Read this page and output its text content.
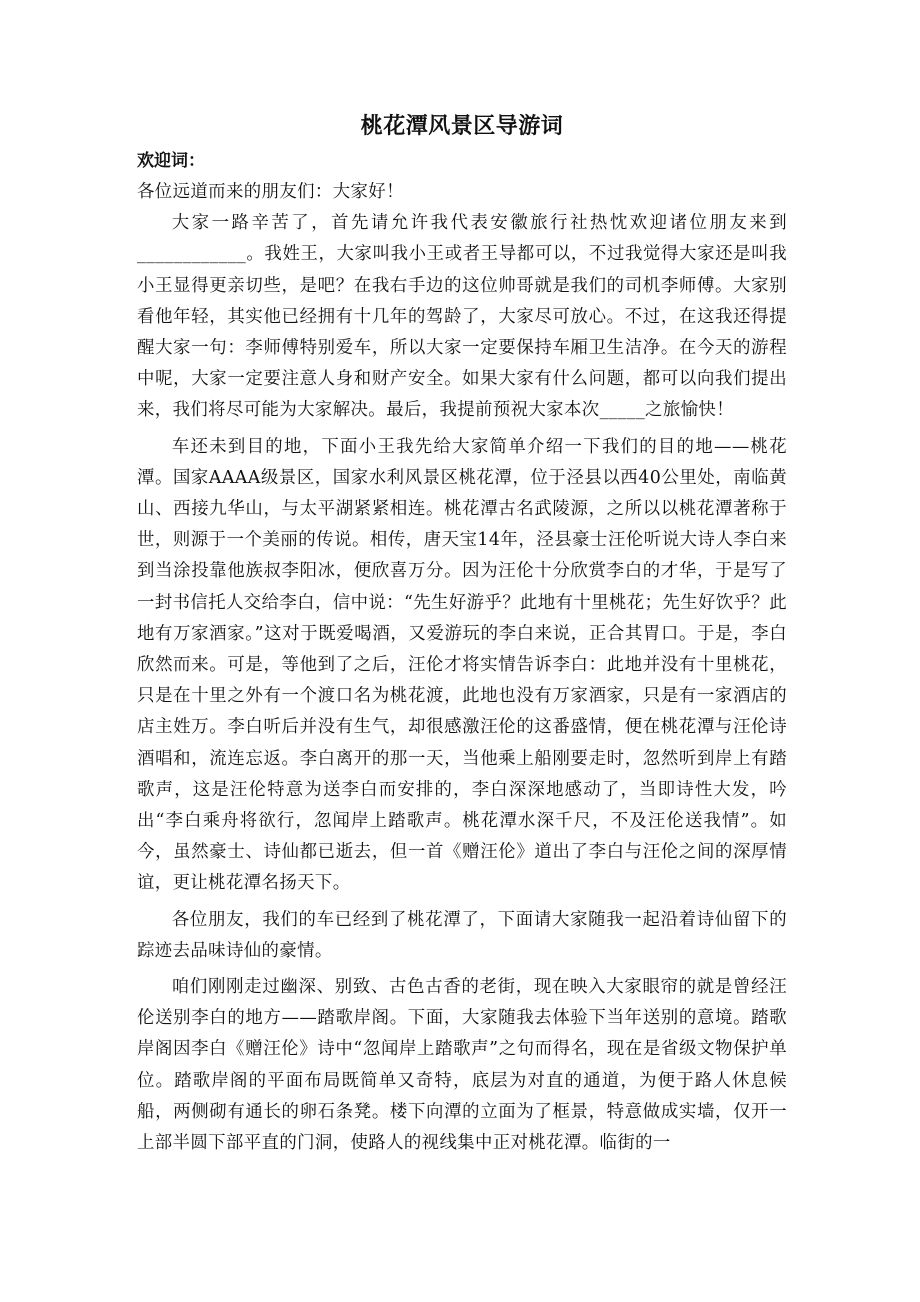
桃花潭风景区导游词
欢迎词：

各位远道而来的朋友们：大家好！

大家一路辛苦了，首先请允许我代表安徽旅行社热忱欢迎诸位朋友来到____________。我姓王，大家叫我小王或者王导都可以，不过我觉得大家还是叫我小王显得更亲切些，是吧？在我右手边的这位帅哥就是我们的司机李师傅。大家别看他年轻，其实他已经拥有十几年的驾龄了，大家尽可放心。不过，在这我还得提醒大家一句：李师傅特别爱车，所以大家一定要保持车厢卫生洁净。在今天的游程中呢，大家一定要注意人身和财产安全。如果大家有什么问题，都可以向我们提出来，我们将尽可能为大家解决。最后，我提前预祝大家本次_____之旅愉快！

车还未到目的地，下面小王我先给大家简单介绍一下我们的目的地——桃花潭。国家AAAA级景区，国家水利风景区桃花潭，位于泾县以西40公里处，南临黄山、西接九华山，与太平湖紧紧相连。桃花潭古名武陵源，之所以以桃花潭著称于世，则源于一个美丽的传说。相传，唐天宝14年，泾县豪士汪伦听说大诗人李白来到当涂投靠他族叔李阳冰，便欣喜万分。因为汪伦十分欣赏李白的才华，于是写了一封书信托人交给李白，信中说：“先生好游乎？此地有十里桃花；先生好饮乎？此地有万家酒家。”这对于既爱喝酒，又爱游玩的李白来说，正合其胃口。于是，李白欣然而来。可是，等他到了之后，汪伦才将实情告诉李白：此地并没有十里桃花，只是在十里之外有一个渡口名为桃花渡，此地也没有万家酒家，只是有一家酒店的店主姓万。李白听后并没有生气，却很感激汪伦的这番盛情，便在桃花潭与汪伦诗酒唱和，流连忘返。李白离开的那一天，当他乘上船刚要走时，忽然听到岸上有踏歌声，这是汪伦特意为送李白而安排的，李白深深地感动了，当即诗性大发，吟出“李白乘舟将欲行，忽闻岸上踏歌声。桃花潭水深千尺，不及汪伦送我情”。如今，虽然豪士、诗仙都已逝去，但一首《赠汪伦》道出了李白与汪伦之间的深厚情谊，更让桃花潭名扬天下。

各位朋友，我们的车已经到了桃花潭了，下面请大家随我一起沿着诗仙留下的踪迹去品味诗仙的豪情。

咱们刚刚走过幽深、别致、古色古香的老街，现在映入大家眼帘的就是曾经汪伦送别李白的地方——踏歌岸阁。下面，大家随我去体验下当年送别的意境。踏歌岸阁因李白《赠汪伦》诗中“忽闻岸上踏歌声”之句而得名，现在是省级文物保护单位。踏歌岸阁的平面布局既简单又奇特，底层为对直的通道，为便于路人休息候船，两侧砌有通长的卵石条凳。楼下向潭的立面为了框景，特意做成实墙，仅开一上部半圆下部平直的门洞，使路人的视线集中正对桃花潭。临街的一
